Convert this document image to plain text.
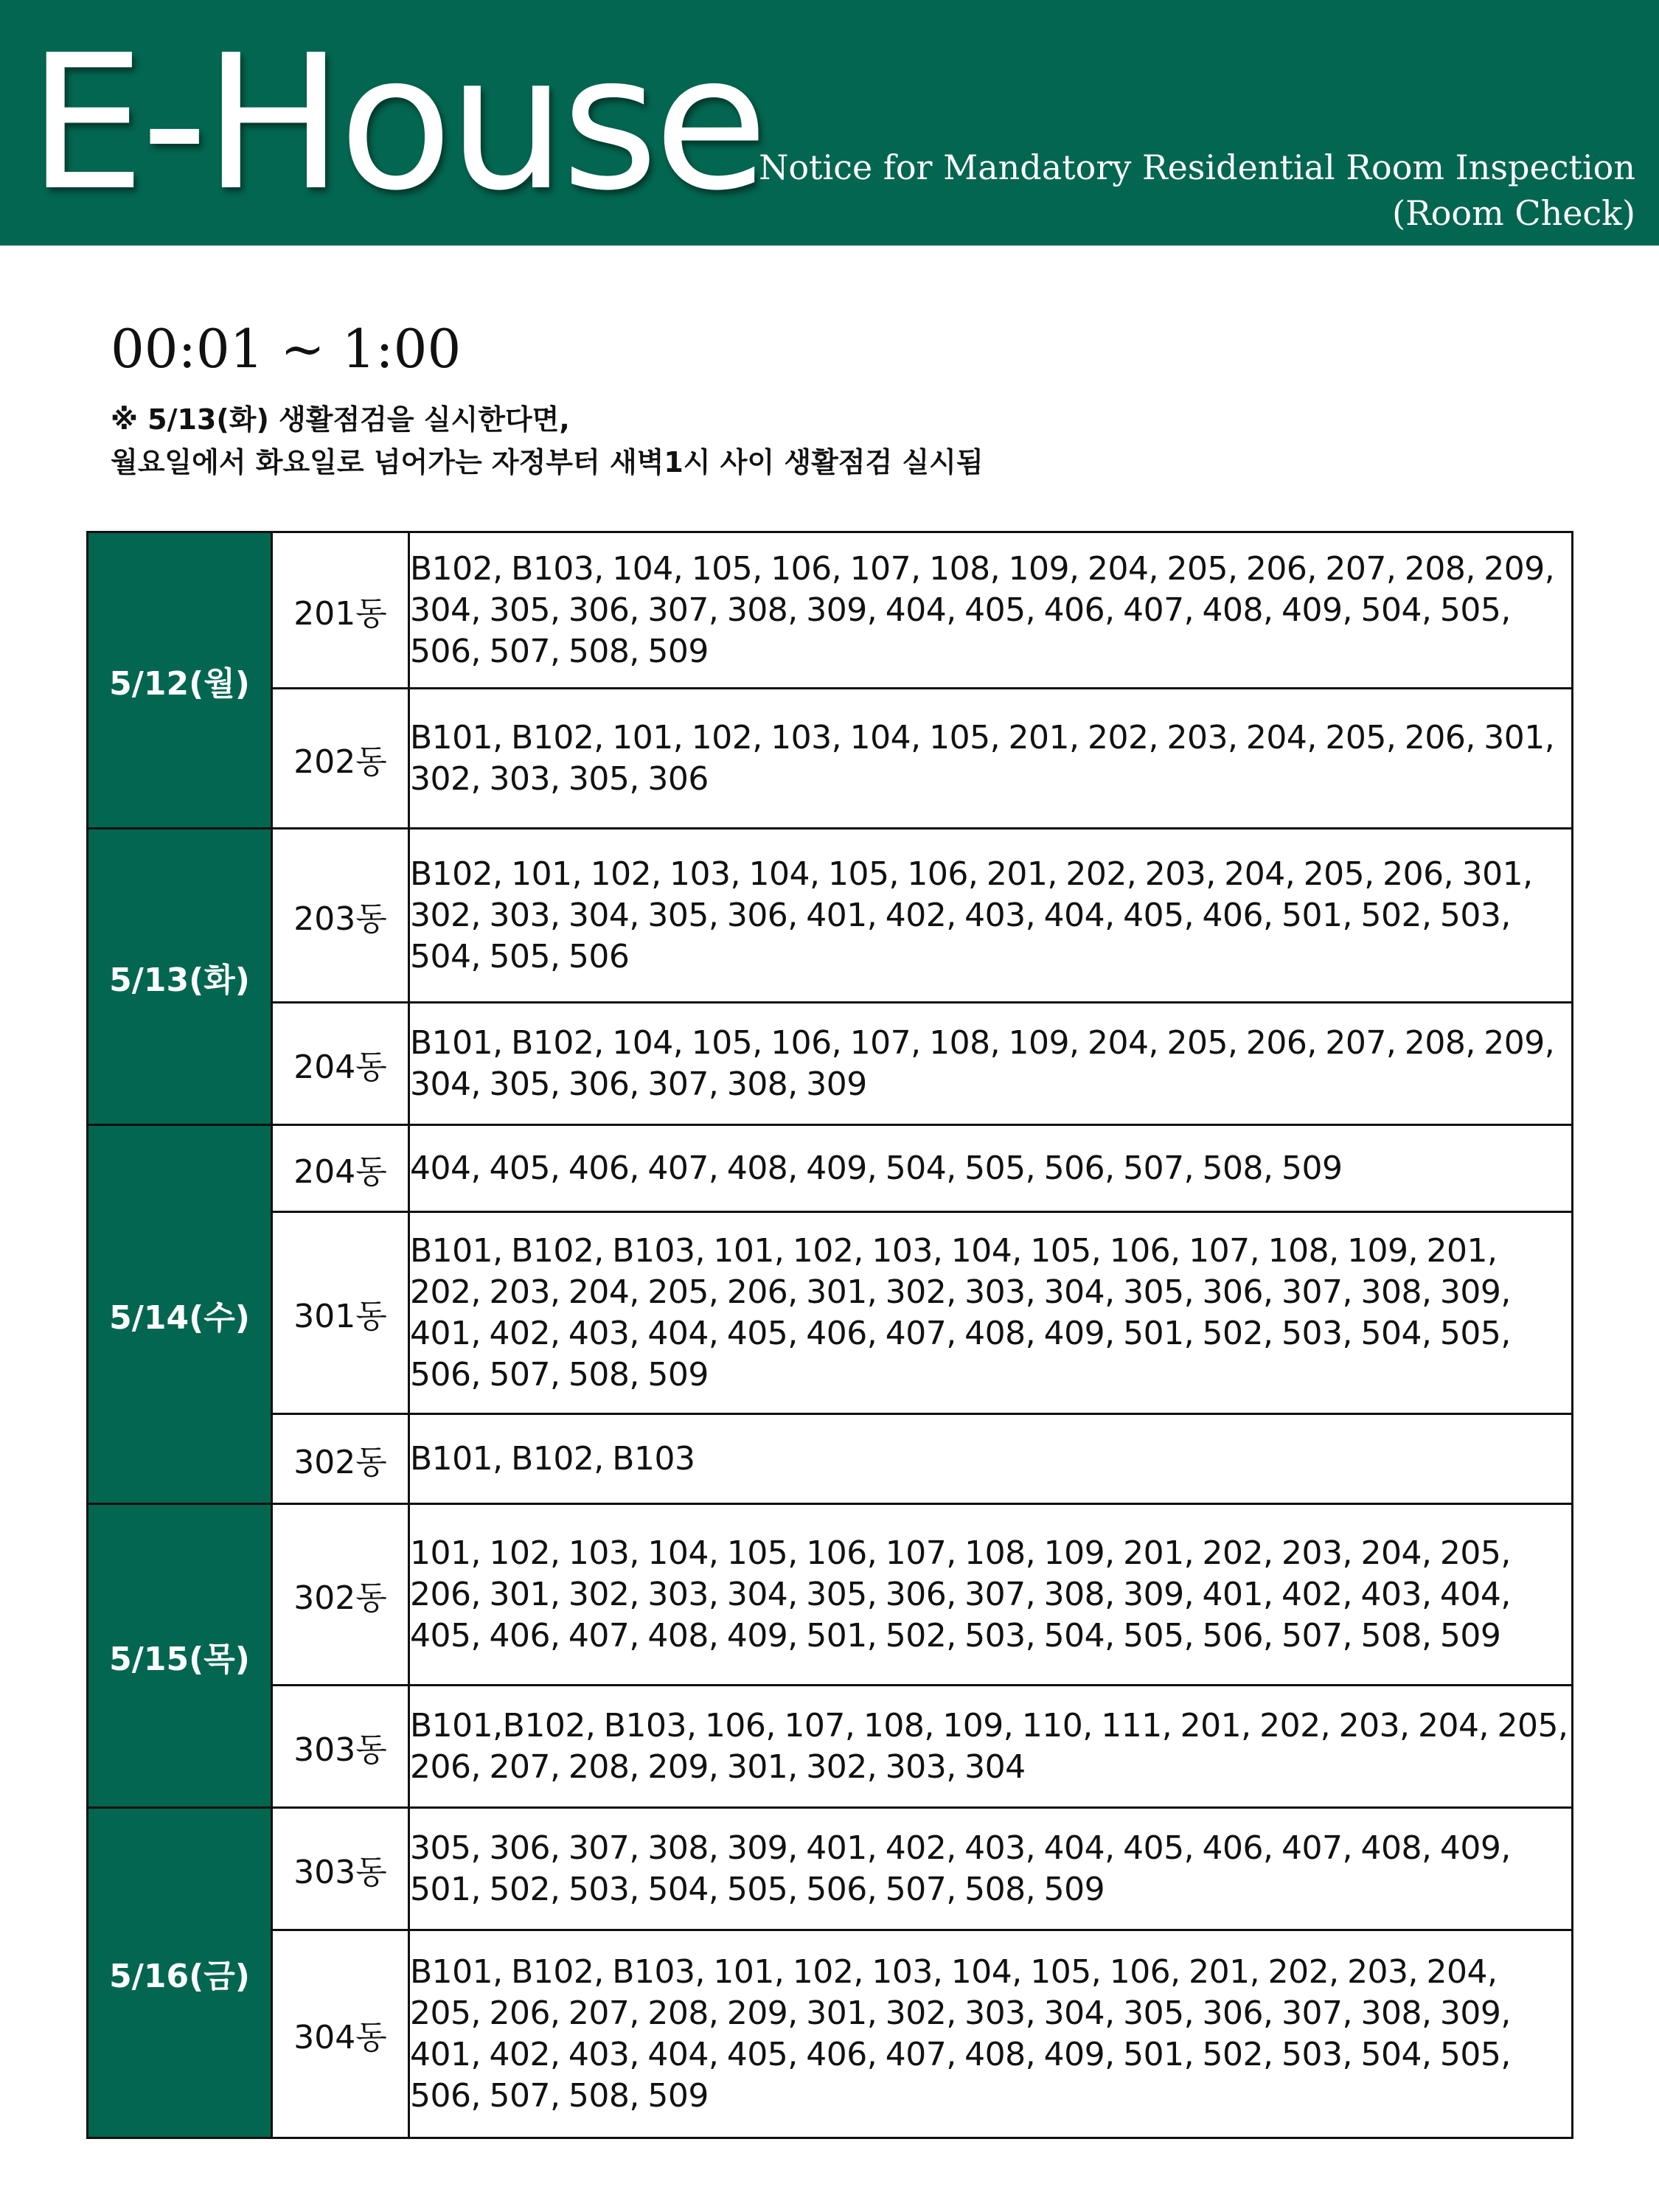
E-House
Notice for Mandatory Residential Room Inspection
(Room Check)
00:01 ~ 1:00
※ 5/13(화) 생활점검을 실시한다면,
월요일에서 화요일로 넘어가는 자정부터 새벽1시 사이 생활점검 실시됨
5/12(월)	201동	B102, B103, 104, 105, 106, 107, 108, 109, 204, 205, 206, 207, 208, 209, 304, 305, 306, 307, 308, 309, 404, 405, 406, 407, 408, 409, 504, 505, 506, 507, 508, 509
	202동	B101, B102, 101, 102, 103, 104, 105, 201, 202, 203, 204, 205, 206, 301, 302, 303, 305, 306
5/13(화)	203동	B102, 101, 102, 103, 104, 105, 106, 201, 202, 203, 204, 205, 206, 301, 302, 303, 304, 305, 306, 401, 402, 403, 404, 405, 406, 501, 502, 503, 504, 505, 506
	204동	B101, B102, 104, 105, 106, 107, 108, 109, 204, 205, 206, 207, 208, 209, 304, 305, 306, 307, 308, 309
5/14(수)	204동	404, 405, 406, 407, 408, 409, 504, 505, 506, 507, 508, 509
	301동	B101, B102, B103, 101, 102, 103, 104, 105, 106, 107, 108, 109, 201, 202, 203, 204, 205, 206, 301, 302, 303, 304, 305, 306, 307, 308, 309, 401, 402, 403, 404, 405, 406, 407, 408, 409, 501, 502, 503, 504, 505, 506, 507, 508, 509
	302동	B101, B102, B103
5/15(목)	302동	101, 102, 103, 104, 105, 106, 107, 108, 109, 201, 202, 203, 204, 205, 206, 301, 302, 303, 304, 305, 306, 307, 308, 309, 401, 402, 403, 404, 405, 406, 407, 408, 409, 501, 502, 503, 504, 505, 506, 507, 508, 509
	303동	B101,B102, B103, 106, 107, 108, 109, 110, 111, 201, 202, 203, 204, 205, 206, 207, 208, 209, 301, 302, 303, 304
5/16(금)	303동	305, 306, 307, 308, 309, 401, 402, 403, 404, 405, 406, 407, 408, 409, 501, 502, 503, 504, 505, 506, 507, 508, 509
	304동	B101, B102, B103, 101, 102, 103, 104, 105, 106, 201, 202, 203, 204, 205, 206, 207, 208, 209, 301, 302, 303, 304, 305, 306, 307, 308, 309, 401, 402, 403, 404, 405, 406, 407, 408, 409, 501, 502, 503, 504, 505, 506, 507, 508, 509
